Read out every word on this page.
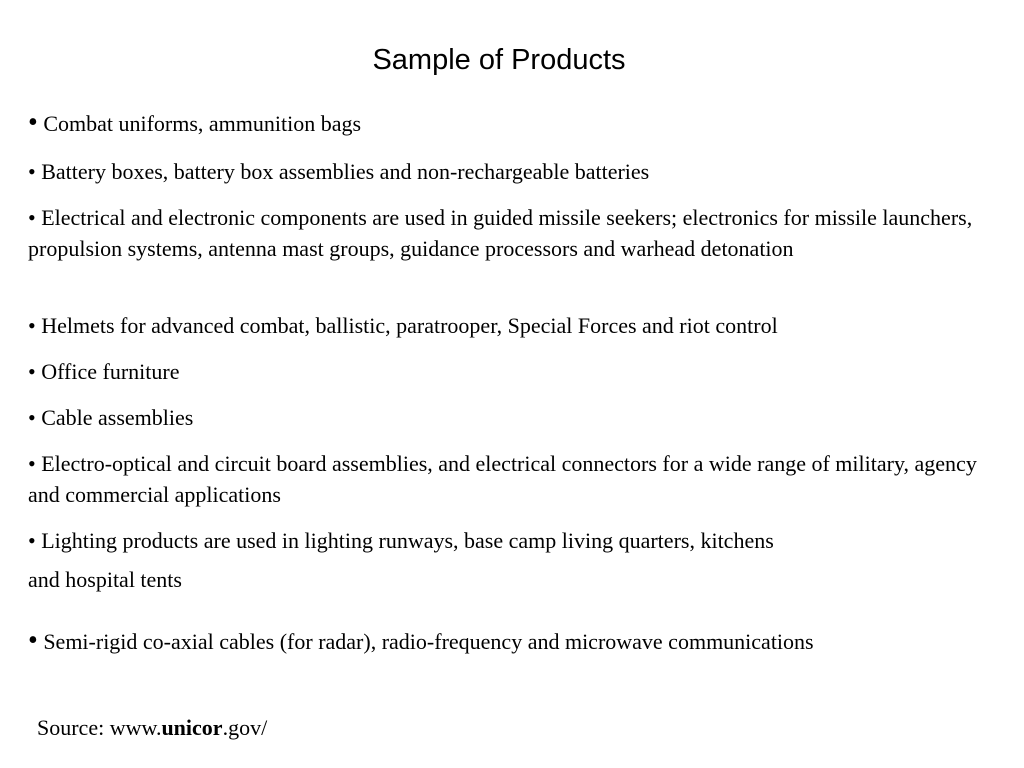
Sample of Products
• Combat uniforms, ammunition bags
• Battery boxes, battery box assemblies and non-rechargeable batteries
• Electrical and electronic components are used in guided missile seekers; electronics for missile launchers, propulsion systems, antenna mast groups, guidance processors and warhead detonation
• Helmets for advanced combat, ballistic, paratrooper, Special Forces and riot control
• Office furniture
• Cable assemblies
• Electro-optical and circuit board assemblies, and electrical connectors for a wide range of military, agency and commercial applications
• Lighting products are used in lighting runways, base camp living quarters, kitchens
and hospital tents
• Semi-rigid co-axial cables (for radar), radio-frequency and microwave communications
Source: www.unicor.gov/
